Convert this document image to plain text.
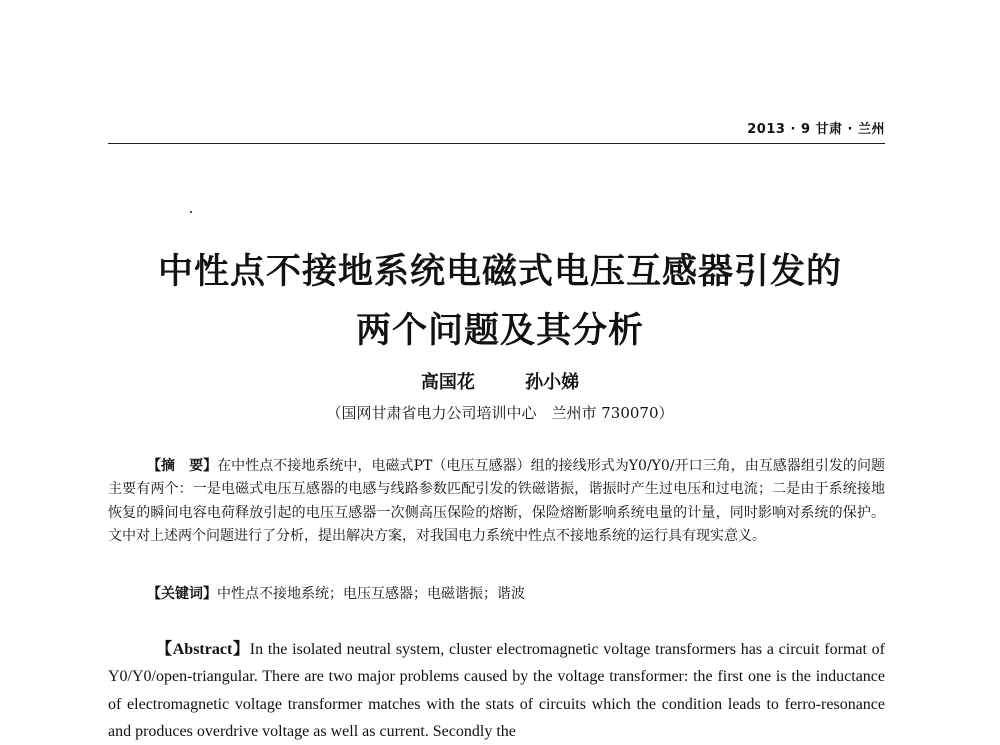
2013 · 9 甘肃 · 兰州
中性点不接地系统电磁式电压互感器引发的
两个问题及其分析
高国花	孙小娣
（国网甘肃省电力公司培训中心　兰州市 730070）
【摘　要】在中性点不接地系统中，电磁式PT（电压互感器）组的接线形式为Y0/Y0/开口三角，由互感器组引发的问题主要有两个：一是电磁式电压互感器的电感与线路参数匹配引发的铁磁谐振，谐振时产生过电压和过电流；二是由于系统接地恢复的瞬间电容电荷释放引起的电压互感器一次侧高压保险的熔断，保险熔断影响系统电量的计量，同时影响对系统的保护。文中对上述两个问题进行了分析，提出解决方案，对我国电力系统中性点不接地系统的运行具有现实意义。
【关键词】中性点不接地系统；电压互感器；电磁谐振；谐波
【Abstract】In the isolated neutral system, cluster electromagnetic voltage transformers has a circuit format of Y0/Y0/open-triangular. There are two major problems caused by the voltage transformer: the first one is the inductance of electromagnetic voltage transformer matches with the stats of circuits which the condition leads to ferro-resonance and produces overdrive voltage as well as current. Secondly the
